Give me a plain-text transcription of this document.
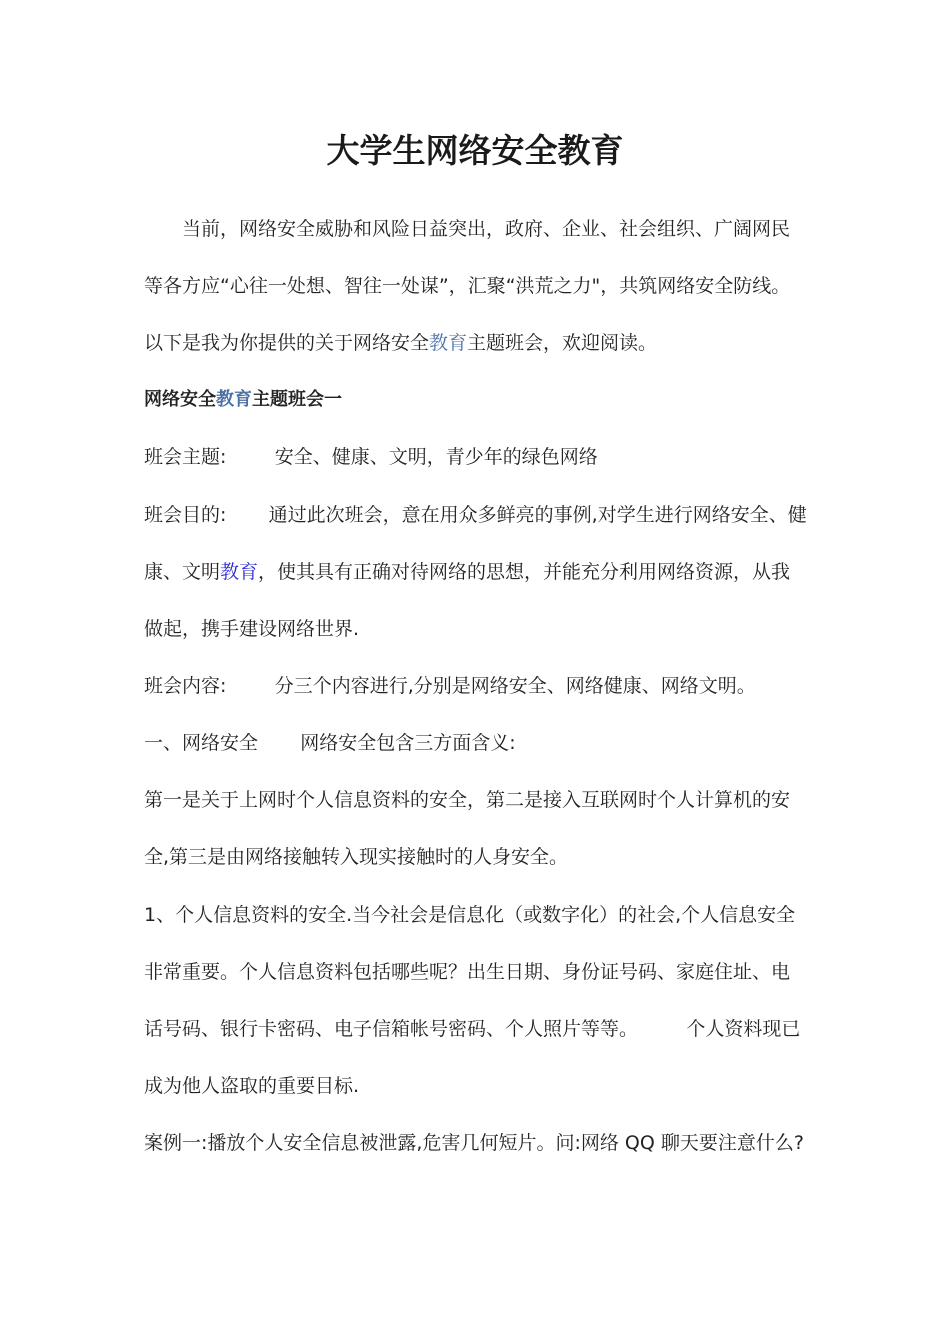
大学生网络安全教育
当前，网络安全威胁和风险日益突出，政府、企业、社会组织、广阔网民
等各方应“心往一处想、智往一处谋”，汇聚“洪荒之力"，共筑网络安全防线。
以下是我为你提供的关于网络安全教育主题班会，欢迎阅读。
网络安全教育主题班会一
班会主题:        安全、健康、文明，青少年的绿色网络
班会目的:       通过此次班会，意在用众多鲜亮的事例,对学生进行网络安全、健
康、文明教育，使其具有正确对待网络的思想，并能充分利用网络资源，从我
做起，携手建设网络世界.
班会内容:        分三个内容进行,分别是网络安全、网络健康、网络文明。
一、网络安全       网络安全包含三方面含义:
第一是关于上网时个人信息资料的安全，第二是接入互联网时个人计算机的安
全,第三是由网络接触转入现实接触时的人身安全。
1、个人信息资料的安全.当今社会是信息化（或数字化）的社会,个人信息安全
非常重要。个人信息资料包括哪些呢？出生日期、身份证号码、家庭住址、电
话号码、银行卡密码、电子信箱帐号密码、个人照片等等。        个人资料现已
成为他人盗取的重要目标.
案例一:播放个人安全信息被泄露,危害几何短片。问:网络 QQ 聊天要注意什么?
